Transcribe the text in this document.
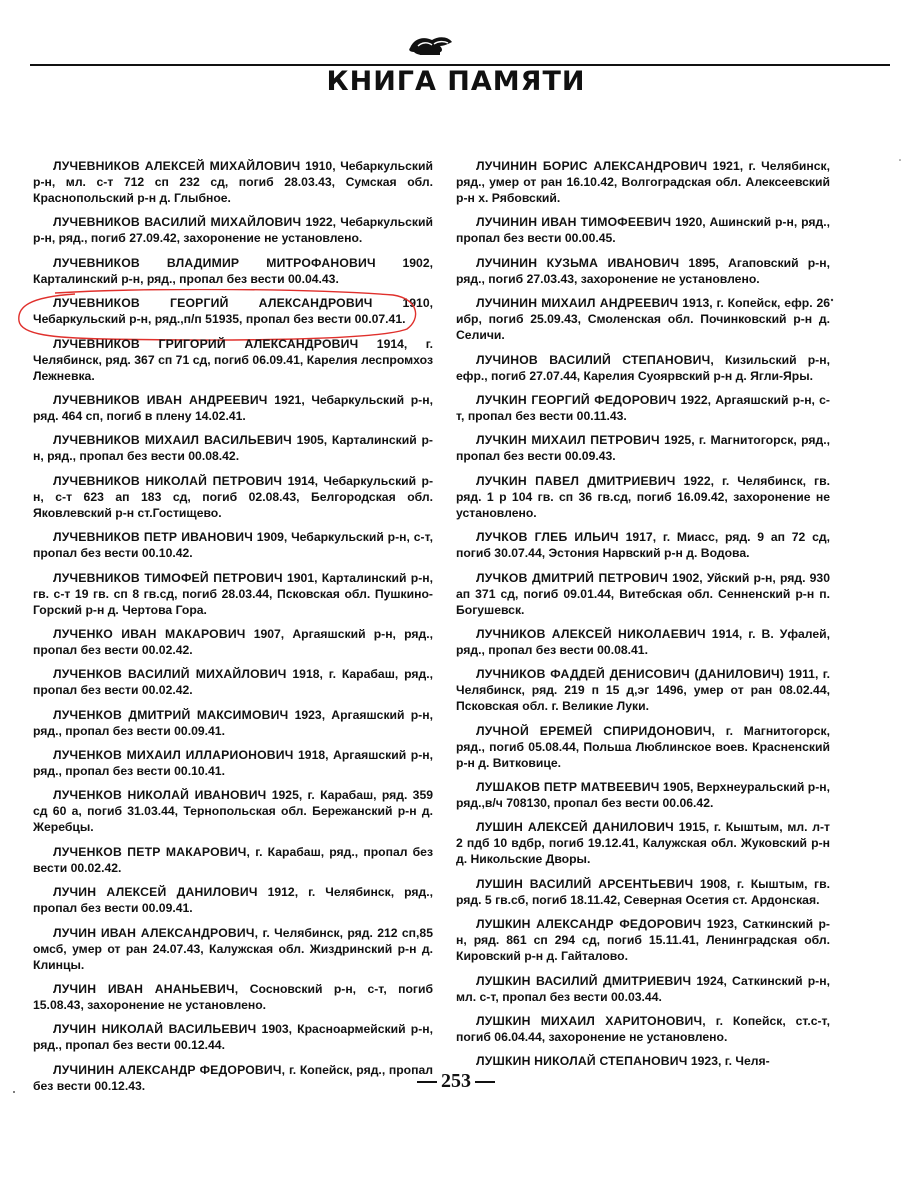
КНИГА ПАМЯТИ
ЛУЧЕВНИКОВ АЛЕКСЕЙ МИХАЙЛОВИЧ 1910, Чебаркульский р-н, мл. с-т 712 сп 232 сд, погиб 28.03.43, Сумская обл. Краснопольский р-н д. Глыбное.
ЛУЧЕВНИКОВ ВАСИЛИЙ МИХАЙЛОВИЧ 1922, Чебаркульский р-н, ряд., погиб 27.09.42, захоронение не установлено.
ЛУЧЕВНИКОВ ВЛАДИМИР МИТРОФАНОВИЧ 1902, Карталинский р-н, ряд., пропал без вести 00.04.43.
ЛУЧЕВНИКОВ ГЕОРГИЙ АЛЕКСАНДРОВИЧ 1910, Чебаркульский р-н, ряд.,п/п 51935, пропал без вести 00.07.41.
ЛУЧЕВНИКОВ ГРИГОРИЙ АЛЕКСАНДРОВИЧ 1914, г. Челябинск, ряд. 367 сп 71 сд, погиб 06.09.41, Карелия леспромхоз Лежневка.
ЛУЧЕВНИКОВ ИВАН АНДРЕЕВИЧ 1921, Чебаркульский р-н, ряд. 464 сп, погиб в плену 14.02.41.
ЛУЧЕВНИКОВ МИХАИЛ ВАСИЛЬЕВИЧ 1905, Карталинский р-н, ряд., пропал без вести 00.08.42.
ЛУЧЕВНИКОВ НИКОЛАЙ ПЕТРОВИЧ 1914, Чебаркульский р-н, с-т 623 ап 183 сд, погиб 02.08.43, Белгородская обл. Яковлевский р-н ст.Гостищево.
ЛУЧЕВНИКОВ ПЕТР ИВАНОВИЧ 1909, Чебаркульский р-н, с-т, пропал без вести 00.10.42.
ЛУЧЕВНИКОВ ТИМОФЕЙ ПЕТРОВИЧ 1901, Карталинский р-н, гв. с-т 19 гв. сп 8 гв.сд, погиб 28.03.44, Псковская обл. Пушкино-Горский р-н д. Чертова Гора.
ЛУЧЕНКО ИВАН МАКАРОВИЧ 1907, Аргаяшский р-н, ряд., пропал без вести 00.02.42.
ЛУЧЕНКОВ ВАСИЛИЙ МИХАЙЛОВИЧ 1918, г. Карабаш, ряд., пропал без вести 00.02.42.
ЛУЧЕНКОВ ДМИТРИЙ МАКСИМОВИЧ 1923, Аргаяшский р-н, ряд., пропал без вести 00.09.41.
ЛУЧЕНКОВ МИХАИЛ ИЛЛАРИОНОВИЧ 1918, Аргаяшский р-н, ряд., пропал без вести 00.10.41.
ЛУЧЕНКОВ НИКОЛАЙ ИВАНОВИЧ 1925, г. Карабаш, ряд. 359 сд 60 а, погиб 31.03.44, Тернопольская обл. Бережанский р-н д. Жеребцы.
ЛУЧЕНКОВ ПЕТР МАКАРОВИЧ, г. Карабаш, ряд., пропал без вести 00.02.42.
ЛУЧИН АЛЕКСЕЙ ДАНИЛОВИЧ 1912, г. Челябинск, ряд., пропал без вести 00.09.41.
ЛУЧИН ИВАН АЛЕКСАНДРОВИЧ, г. Челябинск, ряд. 212 сп,85 омсб, умер от ран 24.07.43, Калужская обл. Жиздринский р-н д. Клинцы.
ЛУЧИН ИВАН АНАНЬЕВИЧ, Сосновский р-н, с-т, погиб 15.08.43, захоронение не установлено.
ЛУЧИН НИКОЛАЙ ВАСИЛЬЕВИЧ 1903, Красноармейский р-н, ряд., пропал без вести 00.12.44.
ЛУЧИНИН АЛЕКСАНДР ФЕДОРОВИЧ, г. Копейск, ряд., пропал без вести 00.12.43.
ЛУЧИНИН БОРИС АЛЕКСАНДРОВИЧ 1921, г. Челябинск, ряд., умер от ран 16.10.42, Волгоградская обл. Алексеевский р-н х. Рябовский.
ЛУЧИНИН ИВАН ТИМОФЕЕВИЧ 1920, Ашинский р-н, ряд., пропал без вести 00.00.45.
ЛУЧИНИН КУЗЬМА ИВАНОВИЧ 1895, Агаповский р-н, ряд., погиб 27.03.43, захоронение не установлено.
ЛУЧИНИН МИХАИЛ АНДРЕЕВИЧ 1913, г. Копейск, ефр. 26 ибр, погиб 25.09.43, Смоленская обл. Починковский р-н д. Селичи.
ЛУЧИНОВ ВАСИЛИЙ СТЕПАНОВИЧ, Кизильский р-н, ефр., погиб 27.07.44, Карелия Суоярвский р-н д. Ягли-Яры.
ЛУЧКИН ГЕОРГИЙ ФЕДОРОВИЧ 1922, Аргаяшский р-н, с-т, пропал без вести 00.11.43.
ЛУЧКИН МИХАИЛ ПЕТРОВИЧ 1925, г. Магнитогорск, ряд., пропал без вести 00.09.43.
ЛУЧКИН ПАВЕЛ ДМИТРИЕВИЧ 1922, г. Челябинск, гв. ряд. 1 р 104 гв. сп 36 гв.сд, погиб 16.09.42, захоронение не установлено.
ЛУЧКОВ ГЛЕБ ИЛЬИЧ 1917, г. Миасс, ряд. 9 ап 72 сд, погиб 30.07.44, Эстония Нарвский р-н д. Водова.
ЛУЧКОВ ДМИТРИЙ ПЕТРОВИЧ 1902, Уйский р-н, ряд. 930 ап 371 сд, погиб 09.01.44, Витебская обл. Сенненский р-н п. Богушевск.
ЛУЧНИКОВ АЛЕКСЕЙ НИКОЛАЕВИЧ 1914, г. В. Уфалей, ряд., пропал без вести 00.08.41.
ЛУЧНИКОВ ФАДДЕЙ ДЕНИСОВИЧ (ДАНИЛОВИЧ) 1911, г. Челябинск, ряд. 219 п 15 д,эг 1496, умер от ран 08.02.44, Псковская обл. г. Великие Луки.
ЛУЧНОЙ ЕРЕМЕЙ СПИРИДОНОВИЧ, г. Магнитогорск, ряд., погиб 05.08.44, Польша Люблинское воев. Красненский р-н д. Витковице.
ЛУШАКОВ ПЕТР МАТВЕЕВИЧ 1905, Верхнеуральский р-н, ряд.,в/ч 708130, пропал без вести 00.06.42.
ЛУШИН АЛЕКСЕЙ ДАНИЛОВИЧ 1915, г. Кыштым, мл. л-т 2 пдб 10 вдбр, погиб 19.12.41, Калужская обл. Жуковский р-н д. Никольские Дворы.
ЛУШИН ВАСИЛИЙ АРСЕНТЬЕВИЧ 1908, г. Кыштым, гв. ряд. 5 гв.сб, погиб 18.11.42, Северная Осетия ст. Ардонская.
ЛУШКИН АЛЕКСАНДР ФЕДОРОВИЧ 1923, Саткинский р-н, ряд. 861 сп 294 сд, погиб 15.11.41, Ленинградская обл. Кировский р-н д. Гайталово.
ЛУШКИН ВАСИЛИЙ ДМИТРИЕВИЧ 1924, Саткинский р-н, мл. с-т, пропал без вести 00.03.44.
ЛУШКИН МИХАИЛ ХАРИТОНОВИЧ, г. Копейск, ст.с-т, погиб 06.04.44, захоронение не установлено.
ЛУШКИН НИКОЛАЙ СТЕПАНОВИЧ 1923, г. Челя-
253
